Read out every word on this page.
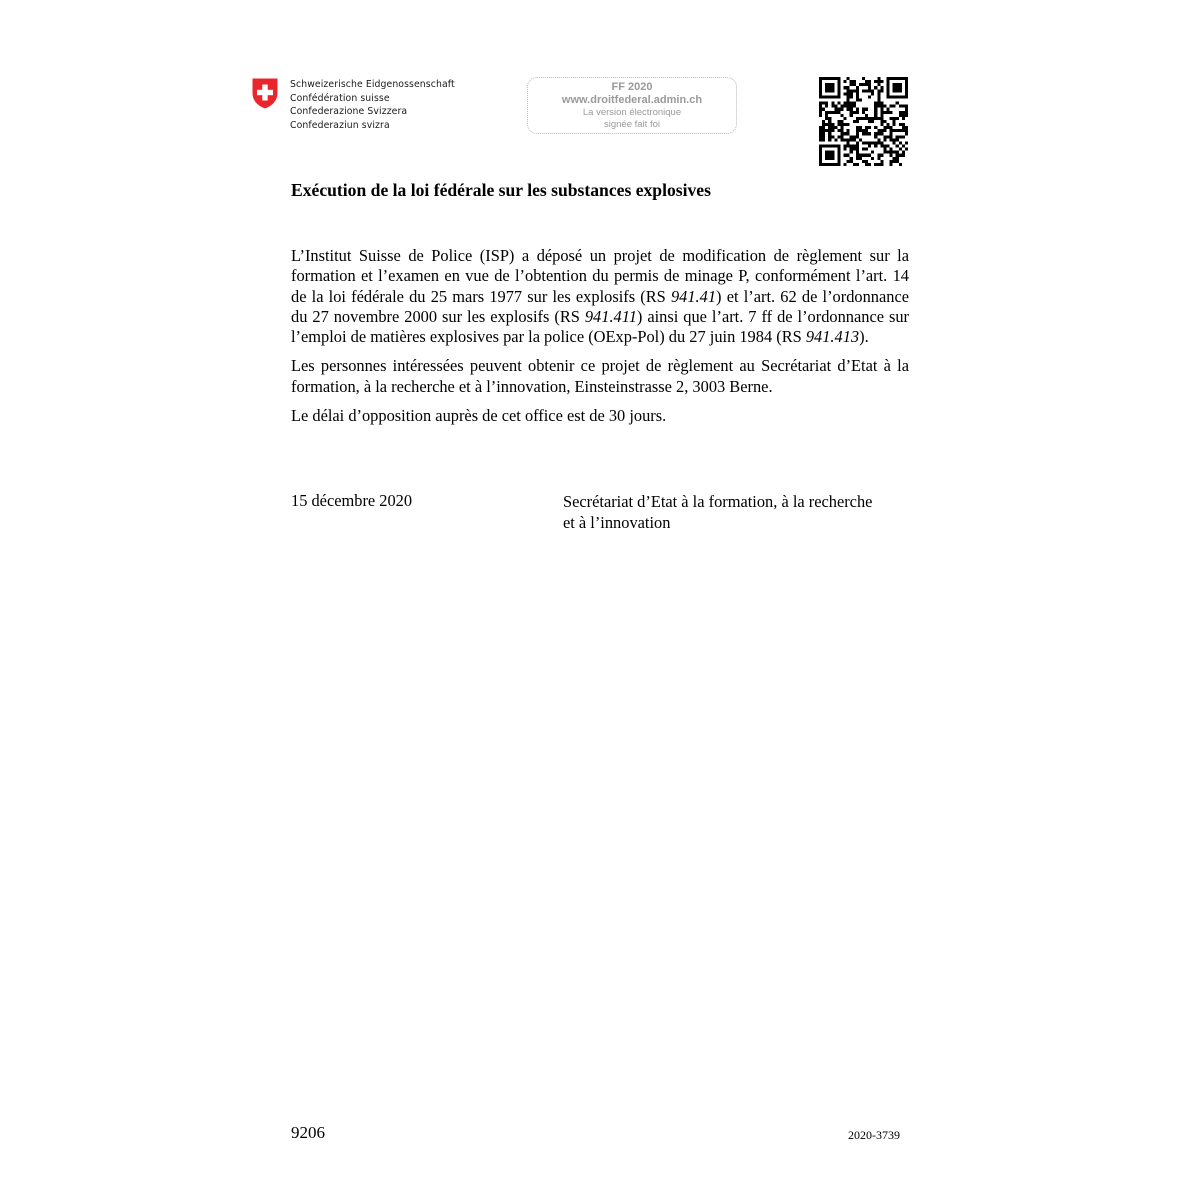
Schweizerische Eidgenossenschaft
Confédération suisse
Confederazione Svizzera
Confederaziun svizra
FF 2020
www.droitfederal.admin.ch
La version électronique
signée fait foi
Exécution de la loi fédérale sur les substances explosives

L’Institut Suisse de Police (ISP) a déposé un projet de modification de règlement sur la formation et l’examen en vue de l’obtention du permis de minage P, conformément l’art. 14 de la loi fédérale du 25 mars 1977 sur les explosifs (RS 941.41) et l’art. 62 de l’ordonnance du 27 novembre 2000 sur les explosifs (RS 941.411) ainsi que l’art. 7 ff de l’ordonnance sur l’emploi de matières explosives par la police (OExp-Pol) du 27 juin 1984 (RS 941.413).

Les personnes intéressées peuvent obtenir ce projet de règlement au Secrétariat d’Etat à la formation, à la recherche et à l’innovation, Einsteinstrasse 2, 3003 Berne.

Le délai d’opposition auprès de cet office est de 30 jours.

15 décembre 2020	Secrétariat d’Etat à la formation, à la recherche
et à l’innovation
9206	2020-3739
